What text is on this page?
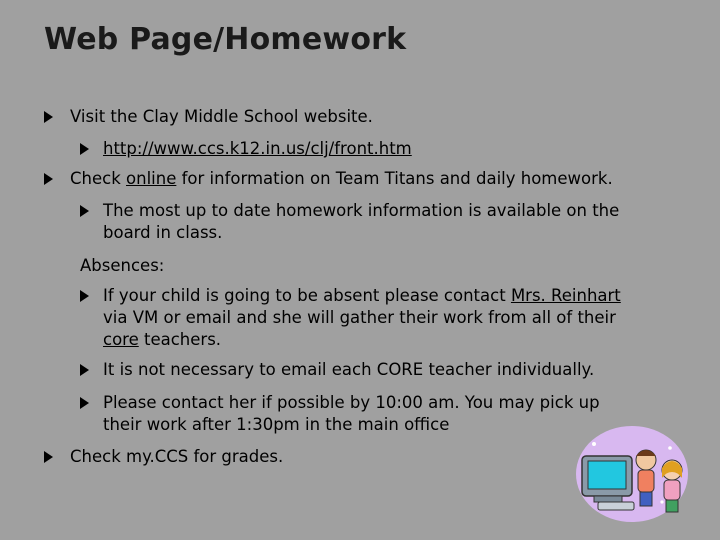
Web Page/Homework
Visit the Clay Middle School website.
http://www.ccs.k12.in.us/clj/front.htm
Check online for information on Team Titans and daily homework.
The most up to date homework information is available on the
board in class.
Absences:
If your child is going to be absent please contact Mrs. Reinhart
via VM or email and she will gather their work from all of their
core teachers.
It is not necessary to email each CORE teacher individually.
Please contact her if possible by 10:00 am. You may pick up
their work after 1:30pm in the main office
Check my.CCS for grades.
